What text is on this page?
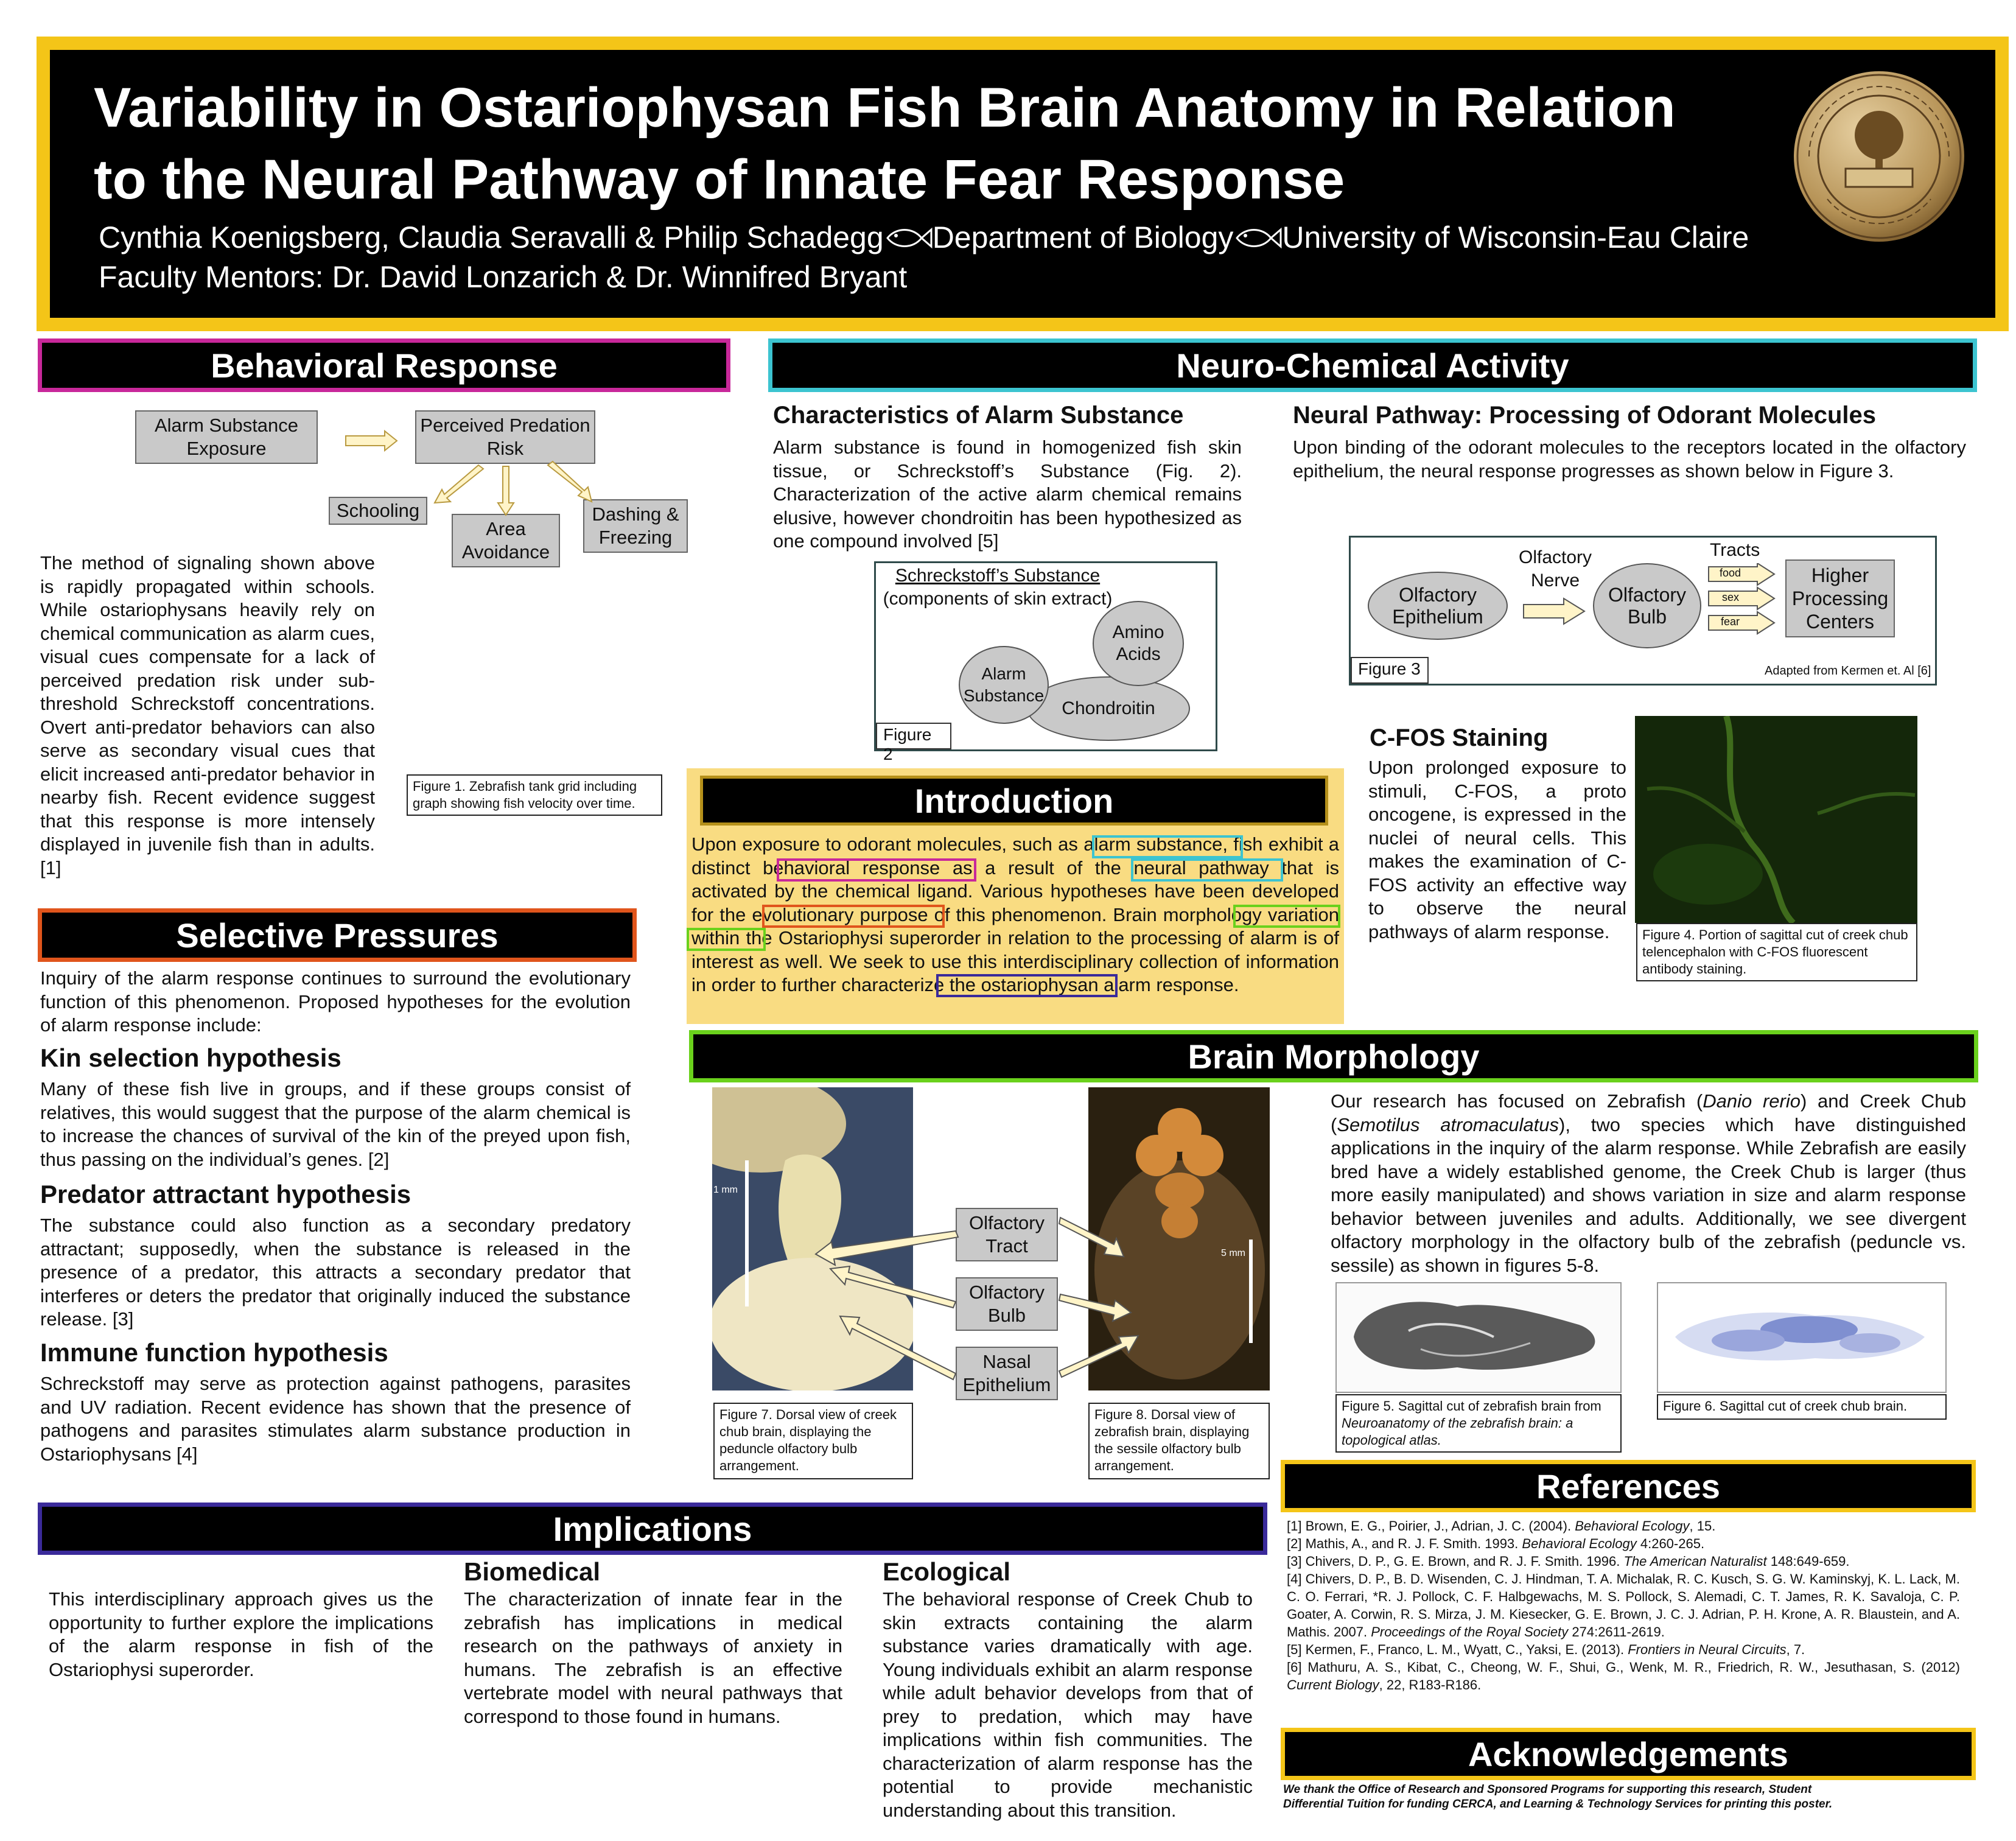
Variability in Ostariophysan Fish Brain Anatomy in Relation
to the Neural Pathway of Innate Fear Response
Cynthia Koenigsberg, Claudia Seravalli & Philip Schadegg Department of Biology University of Wisconsin-Eau Claire
Faculty Mentors: Dr. David Lonzarich & Dr. Winnifred Bryant
Behavioral Response
Alarm Substance Exposure
Perceived Predation Risk
Schooling
Area Avoidance
Dashing & Freezing
The method of signaling shown above is rapidly propagated within schools. While ostariophysans heavily rely on chemical communication as alarm cues, visual cues compensate for a lack of perceived predation risk under sub-threshold Schreckstoff concentrations. Overt anti-predator behaviors can also serve as secondary visual cues that elicit increased anti-predator behavior in nearby fish. Recent evidence suggest that this response is more intensely displayed in juvenile fish than in adults. [1]
Figure 1. Zebrafish tank grid including graph showing fish velocity over time.
Selective Pressures
Inquiry of the alarm response continues to surround the evolutionary function of this phenomenon. Proposed hypotheses for the evolution of alarm response include:
Kin selection hypothesis
Many of these fish live in groups, and if these groups consist of relatives, this would suggest that the purpose of the alarm chemical is to increase the chances of survival of the kin of the preyed upon fish, thus passing on the individual’s genes. [2]
Predator attractant hypothesis
The substance could also function as a secondary predatory attractant; supposedly, when the substance is released in the presence of a predator, this attracts a secondary predator that interferes or deters the predator that originally induced the substance release. [3]
Immune function hypothesis
Schreckstoff may serve as protection against pathogens, parasites and UV radiation. Recent evidence has shown that the presence of pathogens and parasites stimulates alarm substance production in Ostariophysans [4]
Neuro-Chemical Activity
Characteristics of Alarm Substance
Alarm substance is found in homogenized fish skin tissue, or Schreckstoff’s Substance (Fig. 2). Characterization of the active alarm chemical remains elusive, however chondroitin has been hypothesized as one compound involved [5]
Schreckstoff’s Substance
(components of skin extract)
Chondroitin
Alarm Substance
Amino Acids
Figure 2
Neural Pathway: Processing of Odorant Molecules
Upon binding of the odorant molecules to the receptors located in the olfactory epithelium, the neural response progresses as shown below in Figure 3.
Olfactory Epithelium
Olfactory Nerve
Olfactory Bulb
Tracts
food
sex
fear
Higher Processing Centers
Figure 3	Adapted from Kermen et. Al [6]
C-FOS Staining
Upon prolonged exposure to stimuli, C-FOS, a proto oncogene, is expressed in the nuclei of neural cells. This makes the examination of C-FOS activity an effective way to observe the neural pathways of alarm response.	Figure 4. Portion of sagittal cut of creek chub telencephalon with C-FOS fluorescent antibody staining.
Introduction
Upon exposure to odorant molecules, such as alarm substance, fish exhibit a distinct behavioral response as a result of the neural pathway that is activated by the chemical ligand. Various hypotheses have been developed for the evolutionary purpose of this phenomenon. Brain morphology variation within the Ostariophysi superorder in relation to the processing of alarm is of interest as well. We seek to use this interdisciplinary collection of information in order to further characterize the ostariophysan alarm response.
Brain Morphology
1 mm
Figure 7. Dorsal view of creek chub brain, displaying the peduncle olfactory bulb arrangement.
5 mm
Figure 8. Dorsal view of zebrafish brain, displaying the sessile olfactory bulb arrangement.
Olfactory Tract
Olfactory Bulb
Nasal Epithelium
Our research has focused on Zebrafish (Danio rerio) and Creek Chub (Semotilus atromaculatus), two species which have distinguished applications in the inquiry of the alarm response. While Zebrafish are easily bred have a widely established genome, the Creek Chub is larger (thus more easily manipulated) and shows variation in size and alarm response behavior between juveniles and adults. Additionally, we see divergent olfactory morphology in the olfactory bulb of the zebrafish (peduncle vs. sessile) as shown in figures 5-8.
Figure 5. Sagittal cut of zebrafish brain from Neuroanatomy of the zebrafish brain: a topological atlas.
Figure 6. Sagittal cut of creek chub brain.
Implications
This interdisciplinary approach gives us the opportunity to further explore the implications of the alarm response in fish of the Ostariophysi superorder.
Biomedical
The characterization of innate fear in the zebrafish has implications in medical research on the pathways of anxiety in humans. The zebrafish is an effective vertebrate model with neural pathways that correspond to those found in humans.
Ecological
The behavioral response of Creek Chub to skin extracts containing the alarm substance varies dramatically with age. Young individuals exhibit an alarm response while adult behavior develops from that of prey to predation, which may have implications within fish communities. The characterization of alarm response has the potential to provide mechanistic understanding about this transition.
References
[1] Brown, E. G., Poirier, J., Adrian, J. C. (2004). Behavioral Ecology, 15.
[2] Mathis, A., and R. J. F. Smith. 1993. Behavioral Ecology 4:260-265.
[3] Chivers, D. P., G. E. Brown, and R. J. F. Smith. 1996. The American Naturalist 148:649-659.
[4] Chivers, D. P., B. D. Wisenden, C. J. Hindman, T. A. Michalak, R. C. Kusch, S. G. W. Kaminskyj, K. L. Lack, M. C. O. Ferrari, *R. J. Pollock, C. F. Halbgewachs, M. S. Pollock, S. Alemadi, C. T. James, R. K. Savaloja, C. P. Goater, A. Corwin, R. S. Mirza, J. M. Kiesecker, G. E. Brown, J. C. J. Adrian, P. H. Krone, A. R. Blaustein, and A. Mathis. 2007. Proceedings of the Royal Society 274:2611-2619.
[5] Kermen, F., Franco, L. M., Wyatt, C., Yaksi, E. (2013). Frontiers in Neural Circuits, 7.
[6] Mathuru, A. S., Kibat, C., Cheong, W. F., Shui, G., Wenk, M. R., Friedrich, R. W., Jesuthasan, S. (2012) Current Biology, 22, R183-R186.
Acknowledgements
We thank the Office of Research and Sponsored Programs for supporting this research, Student Differential Tuition for funding CERCA, and Learning & Technology Services for printing this poster.
